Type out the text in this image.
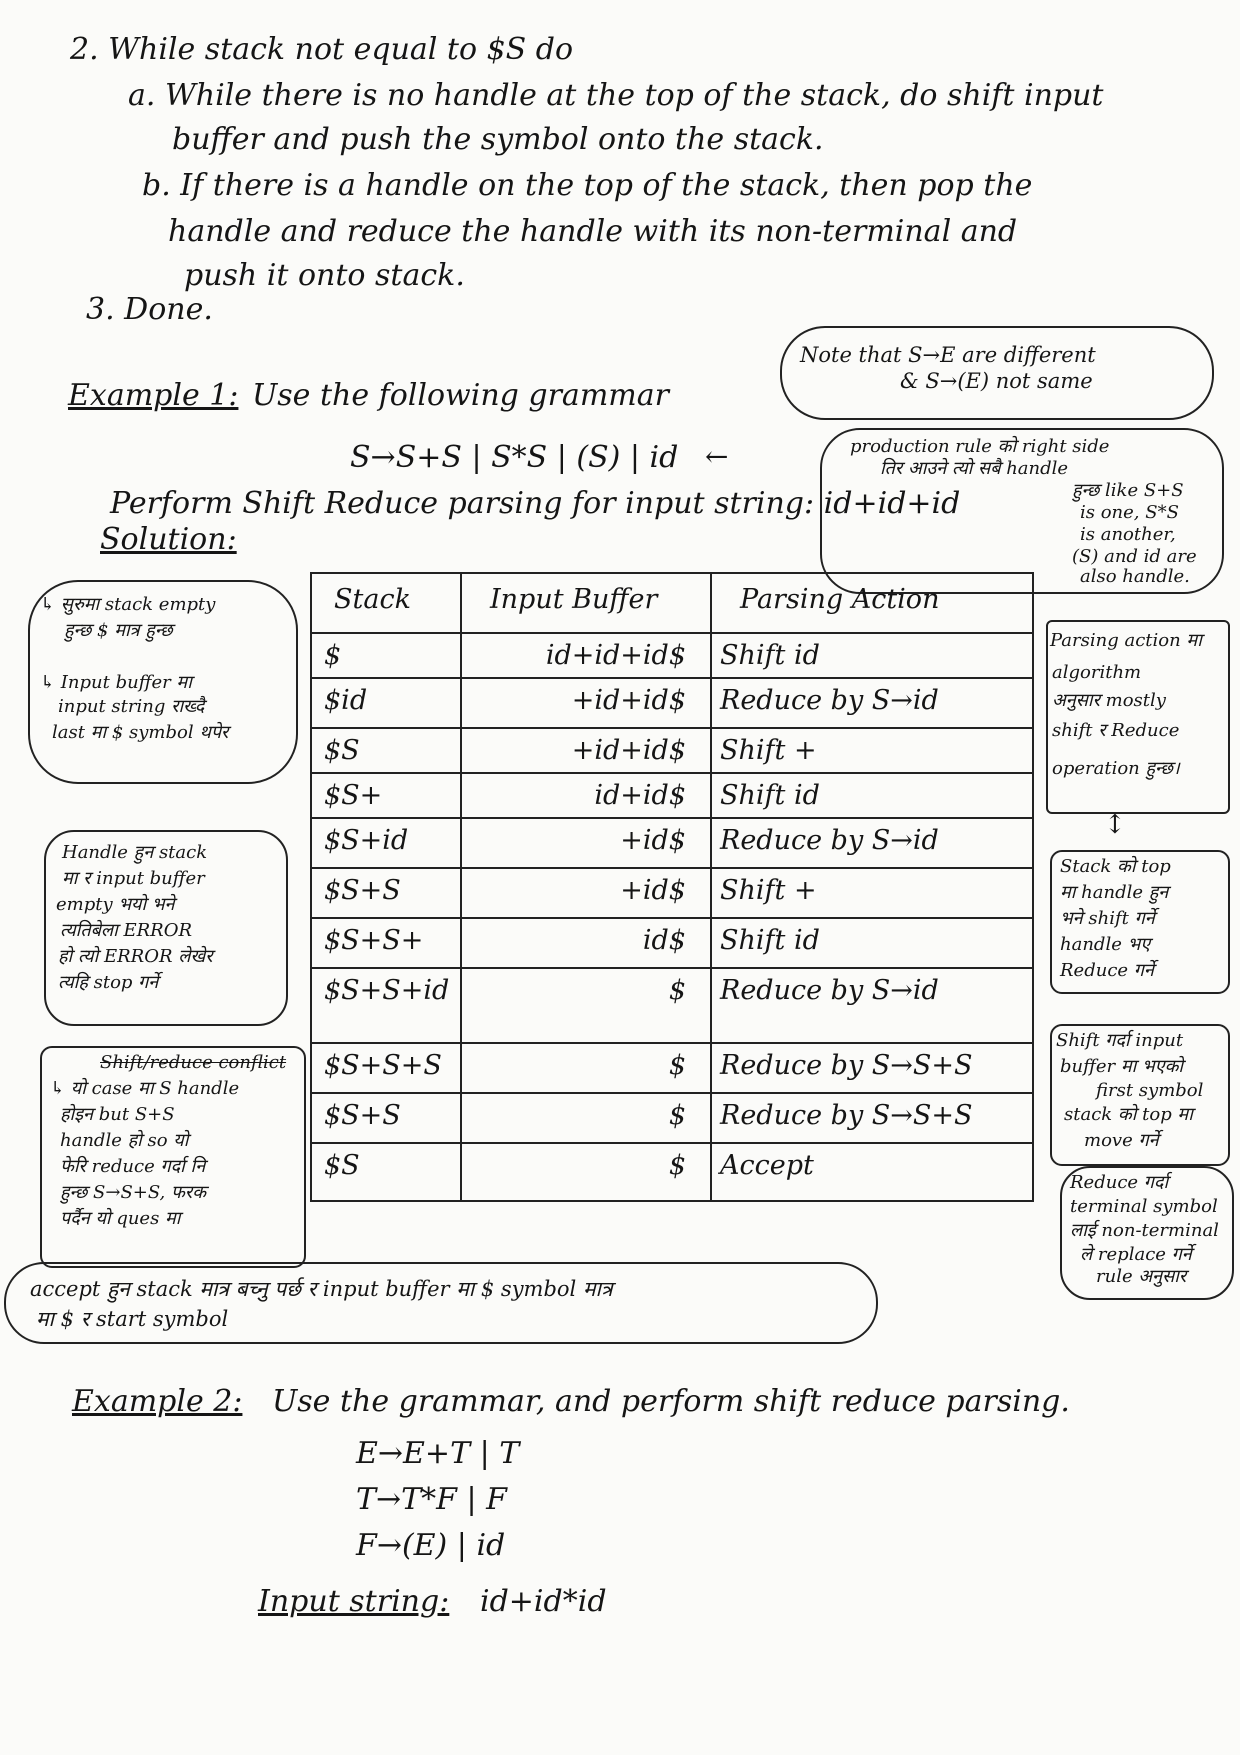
2. While stack not equal to $S do
a. While there is no handle at the top of the stack, do shift input
buffer and push the symbol onto the stack.
b. If there is a handle on the top of the stack, then pop the
handle and reduce the handle with its non-terminal and
push it onto stack.
3. Done.
Note that S→E are different
& S→(E) not same
Example 1: Use the following grammar
S→S+S | S*S | (S) | id ←
Perform Shift Reduce parsing for input string: id+id+id
Solution:
production rule को right side
तिर आउने त्यो सबै handle
हुन्छ like S+S
is one, S*S
is another,
(S) and id are
also handle.
Stack	Input Buffer	Parsing Action
$	id+id+id$ Shift id
$id	+id+id$ Reduce by S→id
$S	+id+id$ Shift +
$S+	id+id$ Shift id
$S+id	+id$ Reduce by S→id
$S+S	+id$ Shift +
$S+S+	id$ Shift id
$S+S+id	$ Reduce by S→id
$S+S+S	$ Reduce by S→S+S
$S+S	$ Reduce by S→S+S
$S	$ Accept
↳ सुरुमा stack empty
हुन्छ $ मात्र हुन्छ
↳ Input buffer मा
input string राख्दै
last मा $ symbol थपेर
Handle हुन stack
मा र input buffer
empty भयो भने
त्यतिबेला ERROR
हो त्यो ERROR लेखेर
त्यहि stop गर्ने
Shift/reduce conflict
↳ यो case मा S handle
होइन but S+S
handle हो so यो
फेरि reduce गर्दा नि
हुन्छ S→S+S, फरक
पर्दैन यो ques मा
Parsing action मा
algorithm
अनुसार mostly
shift र Reduce
operation हुन्छ।
↕
Stack को top
मा handle हुन
भने shift गर्ने
handle भए
Reduce गर्ने
Shift गर्दा input
buffer मा भएको
first symbol
stack को top मा
move गर्ने
Reduce गर्दा
terminal symbol
लाई non-terminal
ले replace गर्ने
rule अनुसार
accept हुन stack मात्र बच्नु पर्छ र input buffer मा $ symbol मात्र
मा $ र start symbol
Example 2: Use the grammar, and perform shift reduce parsing.
E→E+T | T
T→T*F | F
F→(E) | id
Input string: id+id*id
